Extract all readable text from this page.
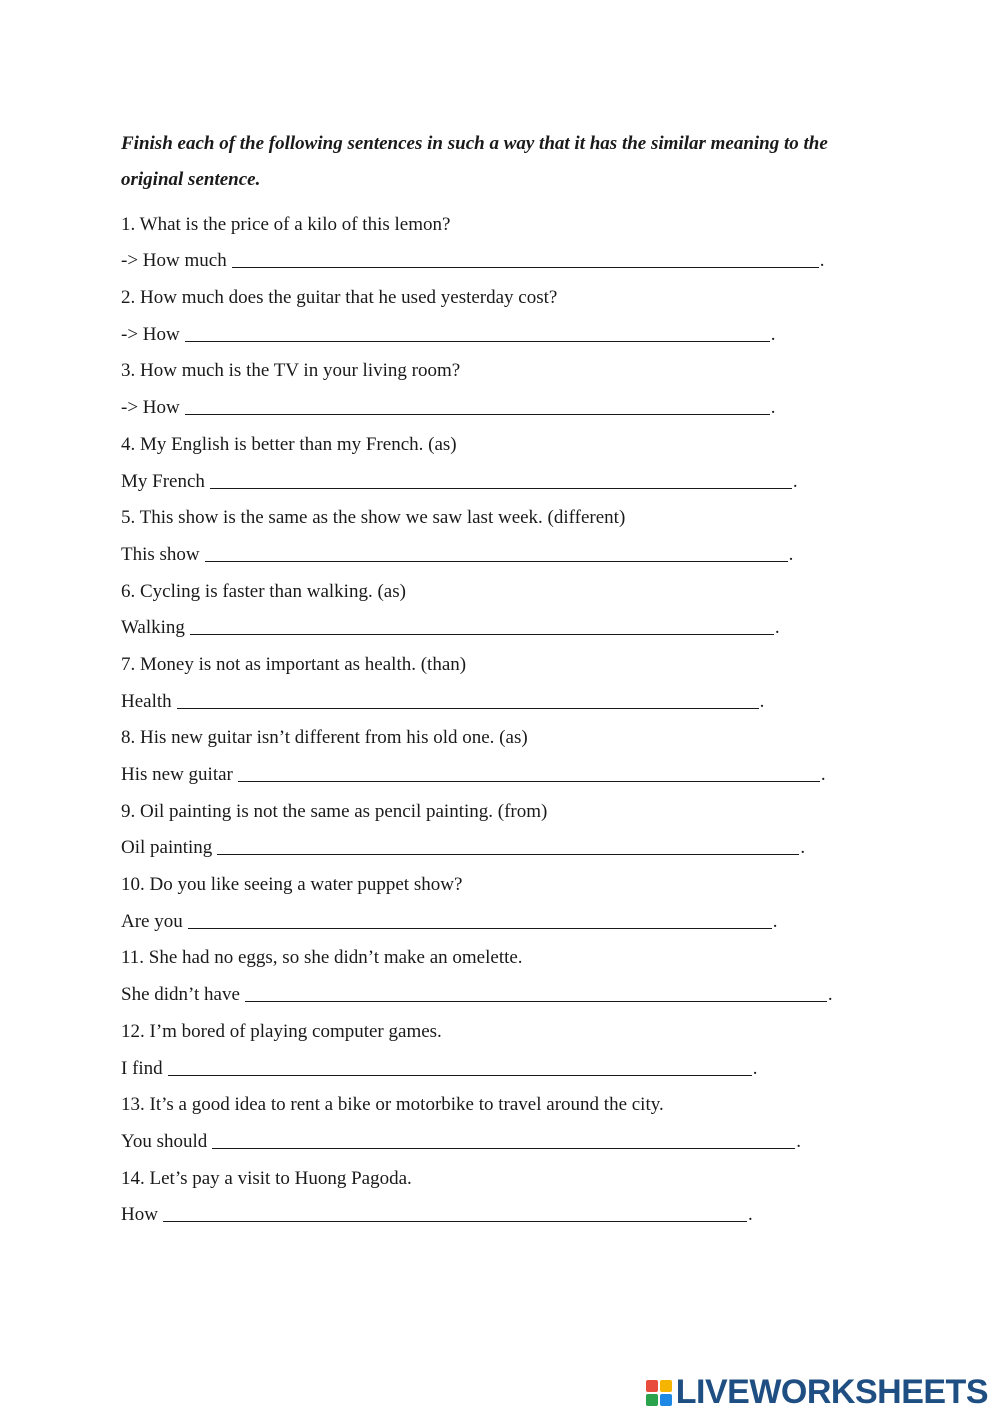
Finish each of the following sentences in such a way that it has the similar meaning to the original sentence.

1. What is the price of a kilo of this lemon?
-> How much	.
2. How much does the guitar that he used yesterday cost?
-> How	.
3. How much is the TV in your living room?
-> How	.
4. My English is better than my French. (as)
My French	.
5. This show is the same as the show we saw last week. (different)
This show	.
6. Cycling is faster than walking. (as)
Walking	.
7. Money is not as important as health. (than)
Health	.
8. His new guitar isn’t different from his old one. (as)
His new guitar	.
9. Oil painting is not the same as pencil painting. (from)
Oil painting	.
10. Do you like seeing a water puppet show?
Are you	.
11. She had no eggs, so she didn’t make an omelette.
She didn’t have	.
12. I’m bored of playing computer games.
I find	.
13. It’s a good idea to rent a bike or motorbike to travel around the city.
You should	.
14. Let’s pay a visit to Huong Pagoda.
How	.
LIVEWORKSHEETS
